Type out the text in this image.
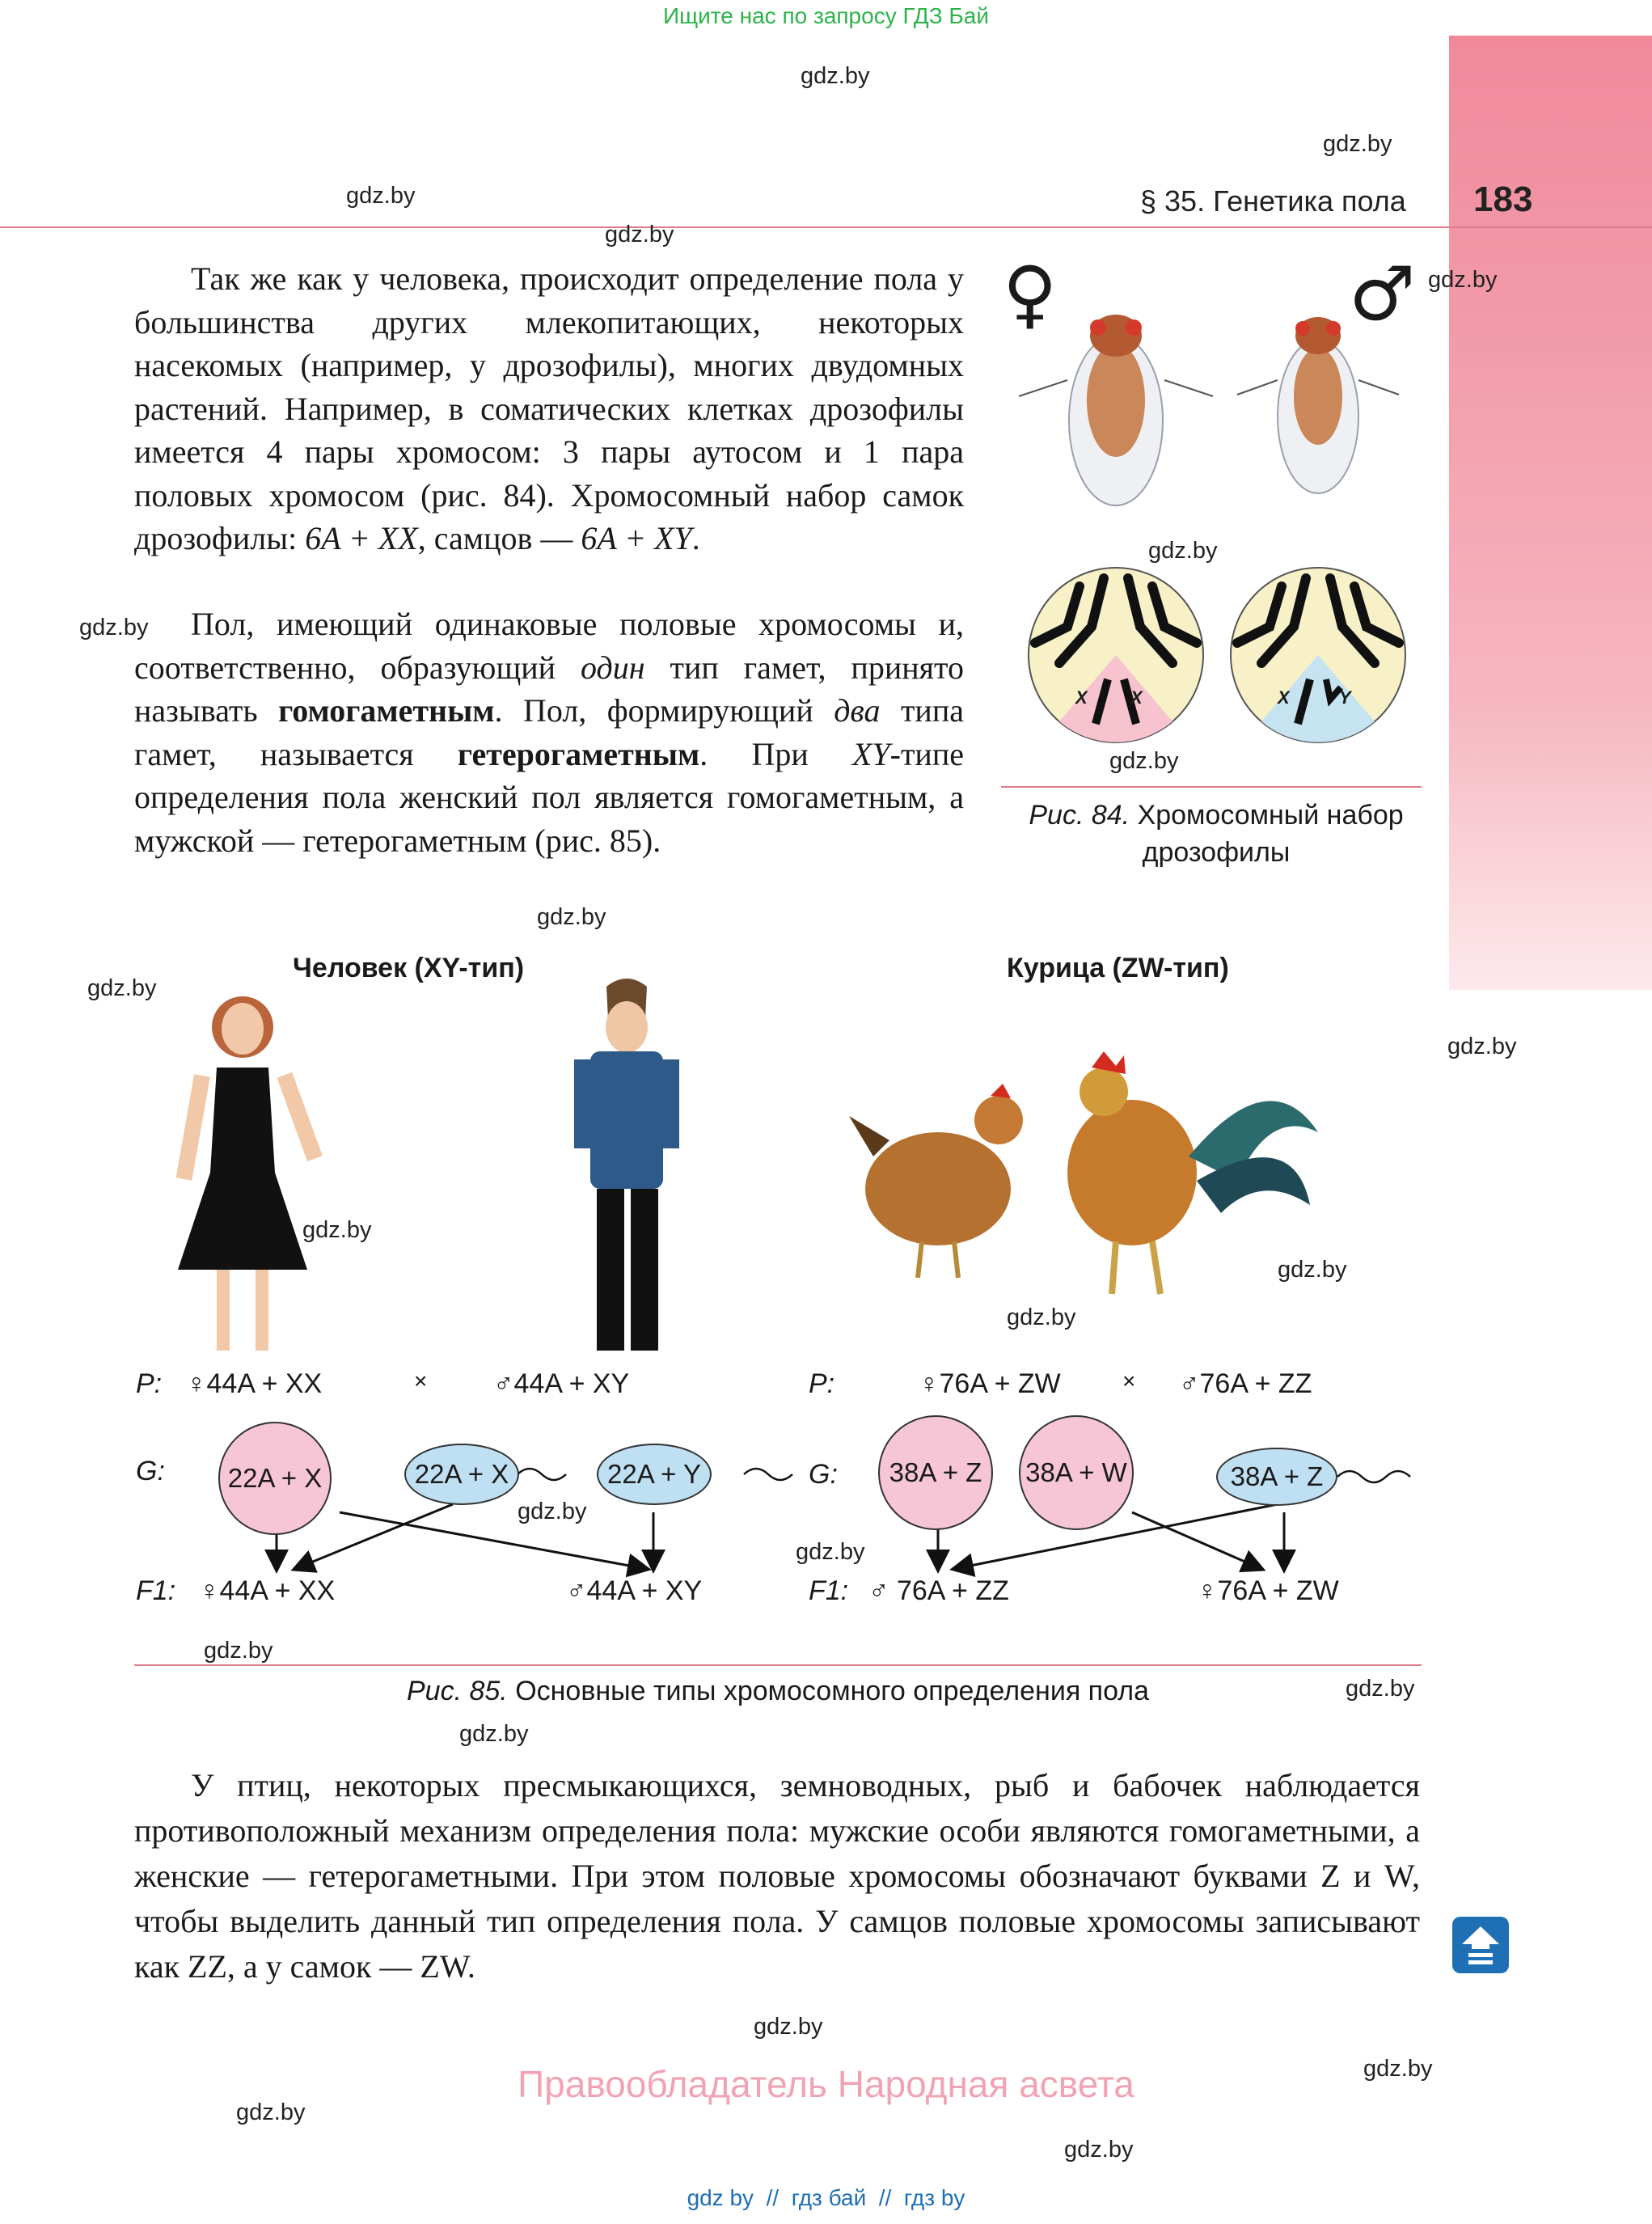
Ищите нас по запросу ГДЗ Бай
§ 35. Генетика пола 183
gdz.by
gdz.by
gdz.by
gdz.by
gdz.by
gdz.by
gdz.by
gdz.by
gdz.by
gdz.by
gdz.by
gdz.by
gdz.by
gdz.by
gdz.by
gdz.by
gdz.by
gdz.by
gdz.by
gdz.by
gdz.by
gdz.by
gdz.by

Так же как у человека, происходит определение пола у большинства других млекопитающих, некоторых насекомых (например, у дрозофилы), многих двудомных растений. Например, в соматических клетках дрозофилы имеется 4 пары хромосом: 3 пары аутосом и 1 пара половых хромосом (рис. 84). Хромосомный набор самок дрозофилы: 6A + XX, самцов — 6A + XY.

Пол, имеющий одинаковые половые хромосомы и, соответственно, образующий один тип гамет, принято называть гомогаметным. Пол, формирующий два типа гамет, называется гетерогаметным. При XY-типе определения пола женский пол является гомогаметным, а мужской — гетерогаметным (рис. 85).

♀	♂
X X	X	Y
Рис. 84. Хромосомный набор дрозофилы
Человек (XY-тип)	Курица (ZW-тип)
P: ♀44A + XX	× ♂44A + XY
G:	22A + X	22A + X	22A + Y
F1: ♀44A + XX	♂44A + XY
P:	♀76A + ZW	× ♂76A + ZZ
G:	38A + Z	38A + W	38A + Z
F1: ♂ 76A + ZZ	♀76A + ZW
Рис. 85. Основные типы хромосомного определения пола

У птиц, некоторых пресмыкающихся, земноводных, рыб и бабочек наблюдается противоположный механизм определения пола: мужские особи являются гомогаметными, а женские — гетерогаметными. При этом половые хромосомы обозначают буквами Z и W, чтобы выделить данный тип определения пола. У самцов половые хромосомы записывают как ZZ, а у самок — ZW.

Правообладатель Народная асвета
gdz by  //  гдз бай  //  гдз by
